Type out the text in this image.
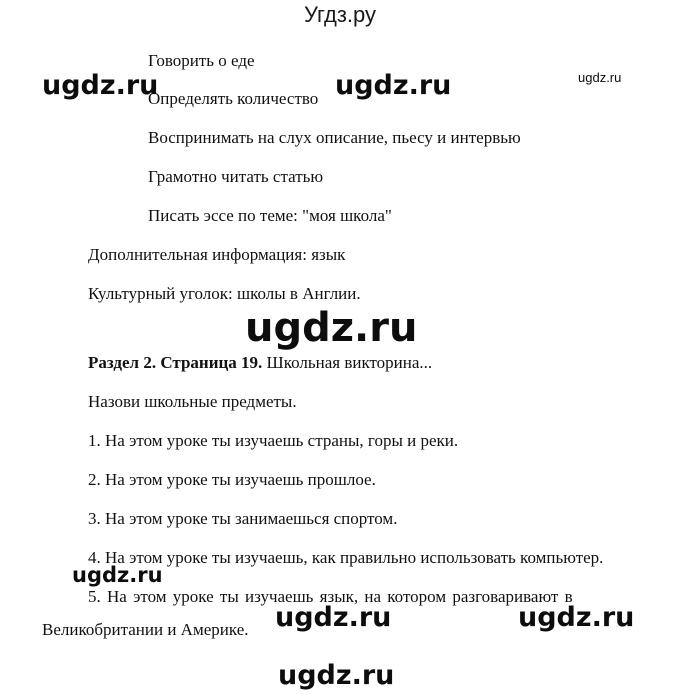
Угдз.ру
Говорить о еде
Определять количество
Воспринимать на слух описание, пьесу и интервью
Грамотно читать статью
Писать эссе по теме: "моя школа"
Дополнительная информация: язык
Культурный уголок: школы в Англии.
Раздел 2. Страница 19. Школьная викторина...
Назови школьные предметы.
1. На этом уроке ты изучаешь страны, горы и реки.
2. На этом уроке ты изучаешь прошлое.
3. На этом уроке ты занимаешься спортом.
4. На этом уроке ты изучаешь, как правильно использовать компьютер.
5. На этом уроке ты изучаешь язык, на котором разговаривают в
Великобритании и Америке.
ugdz.ru	ugdz.ru	ugdz.ru
ugdz.ru
ugdz.ru
ugdz.ru	ugdz.ru
ugdz.ru
